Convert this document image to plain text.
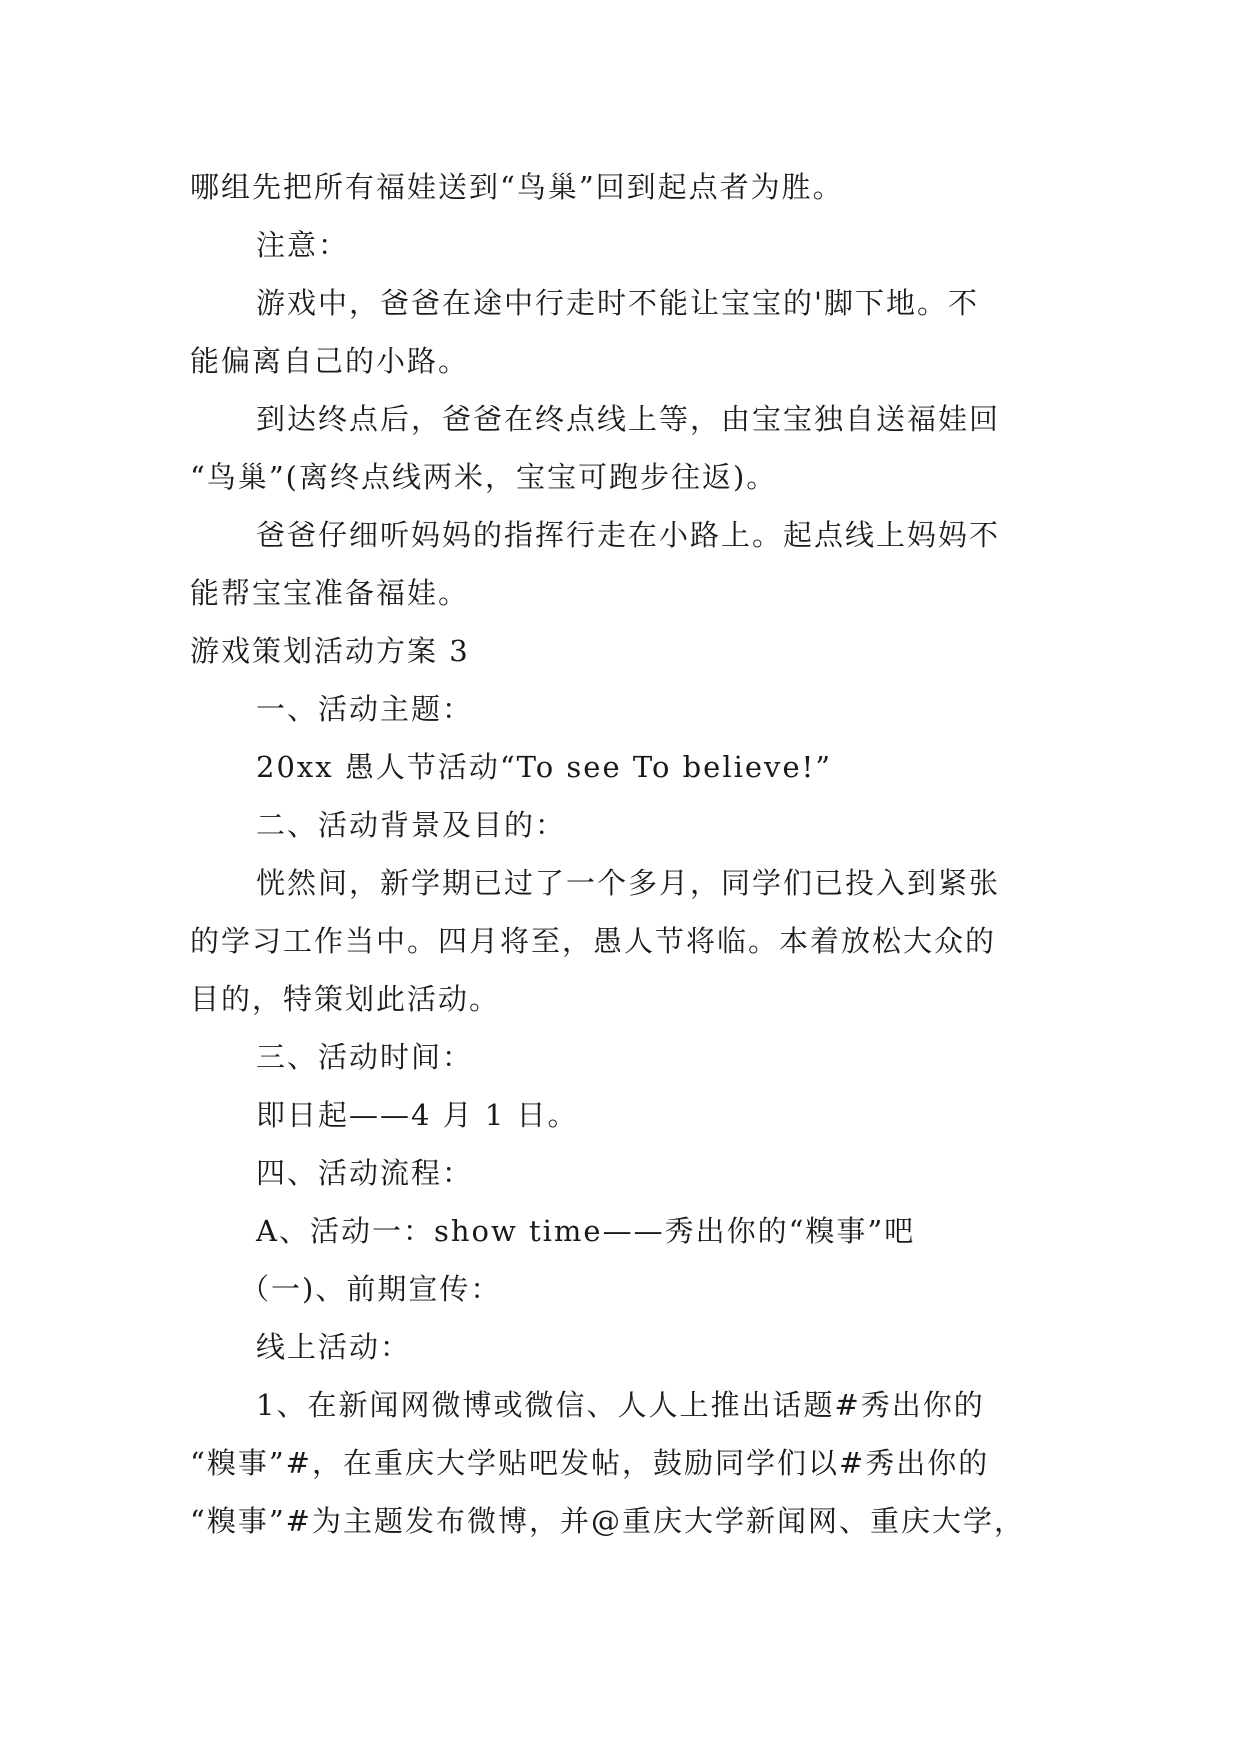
哪组先把所有福娃送到“鸟巢”回到起点者为胜。
注意：
游戏中，爸爸在途中行走时不能让宝宝的'脚下地。不
能偏离自己的小路。
到达终点后，爸爸在终点线上等，由宝宝独自送福娃回
“鸟巢”(离终点线两米，宝宝可跑步往返)。
爸爸仔细听妈妈的指挥行走在小路上。起点线上妈妈不
能帮宝宝准备福娃。
游戏策划活动方案 3
一、活动主题：
20xx 愚人节活动“To see To believe!”
二、活动背景及目的：
恍然间，新学期已过了一个多月，同学们已投入到紧张
的学习工作当中。四月将至，愚人节将临。本着放松大众的
目的，特策划此活动。
三、活动时间：
即日起——4 月 1 日。
四、活动流程：
A、活动一：show time——秀出你的“糗事”吧
（一)、前期宣传：
线上活动：
1、在新闻网微博或微信、人人上推出话题#秀出你的
“糗事”#，在重庆大学贴吧发帖，鼓励同学们以#秀出你的
“糗事”#为主题发布微博，并@重庆大学新闻网、重庆大学，
